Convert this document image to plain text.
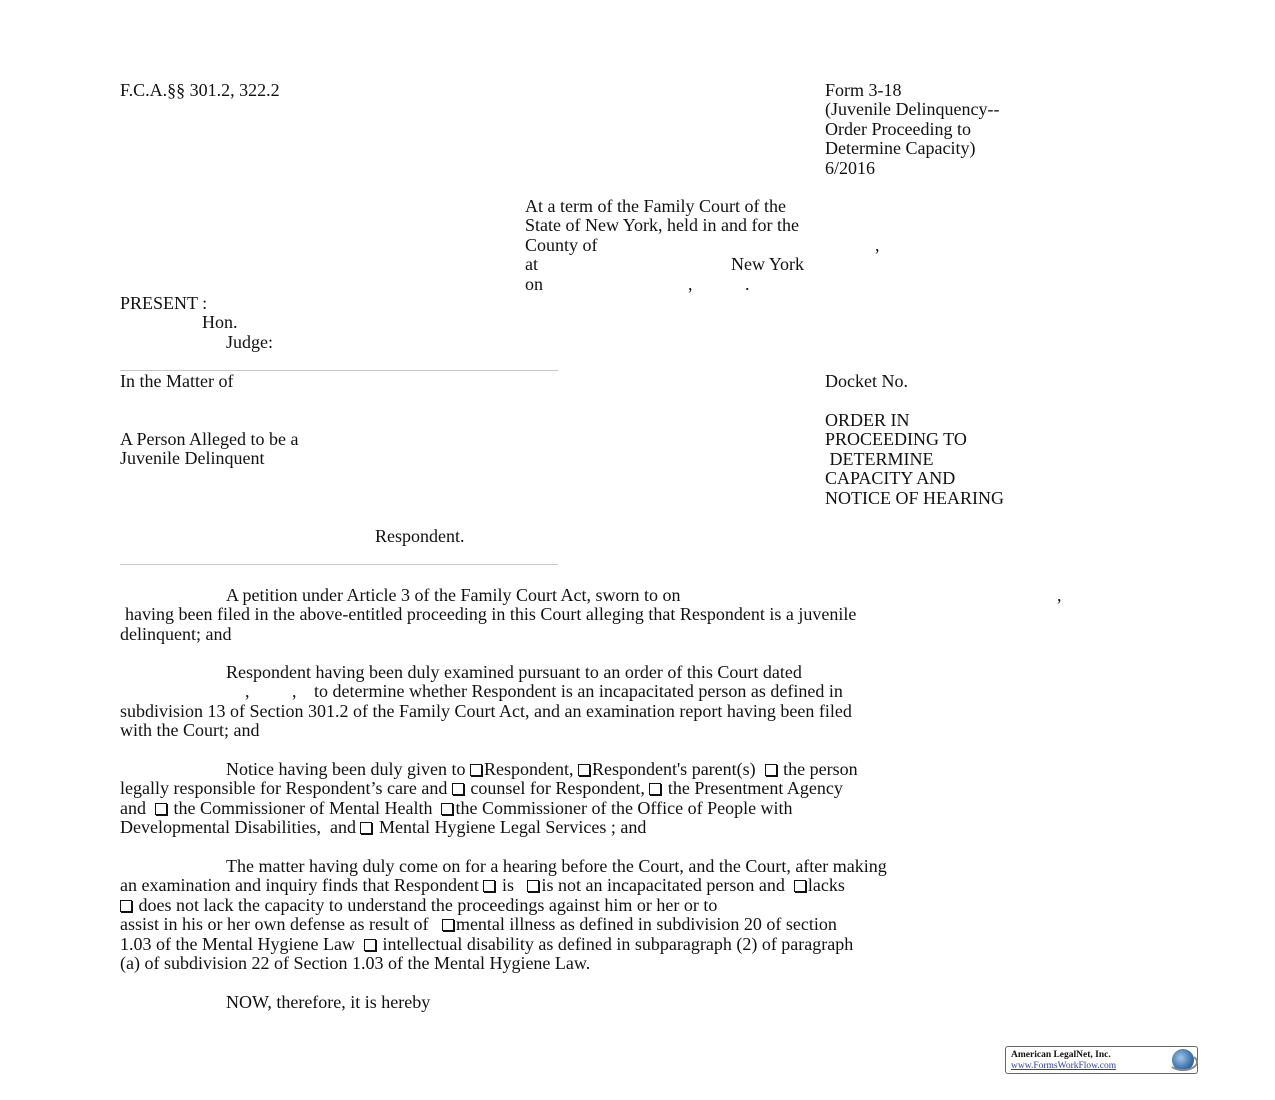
F.C.A.§§ 301.2, 322.2	Form 3-18
(Juvenile Delinquency--
Order Proceeding to
Determine Capacity)
6/2016
At a term of the Family Court of the
State of New York, held in and for the
County of	,
at	New York
on	,	.
PRESENT :
Hon.
Judge:
In the Matter of	Docket No.
A Person Alleged to be a
Juvenile Delinquent
ORDER IN
PROCEEDING TO
DETERMINE
CAPACITY AND
NOTICE OF HEARING
Respondent.
A petition under Article 3 of the Family Court Act, sworn to on	,
having been filed in the above-entitled proceeding in this Court alleging that Respondent is a juvenile
delinquent; and
Respondent having been duly examined pursuant to an order of this Court dated
, , to determine whether Respondent is an incapacitated person as defined in
subdivision 13 of Section 301.2 of the Family Court Act, and an examination report having been filed
with the Court; and
Notice having been duly given to Respondent, Respondent's parent(s) the person
legally responsible for Respondent’s care and counsel for Respondent, the Presentment Agency
and the Commissioner of Mental Health the Commissioner of the Office of People with
Developmental Disabilities,  and Mental Hygiene Legal Services ; and
The matter having duly come on for a hearing before the Court, and the Court, after making
an examination and inquiry finds that Respondent is is not an incapacitated person and lacks
does not lack the capacity to understand the proceedings against him or her or to
assist in his or her own defense as result of mental illness as defined in subdivision 20 of section
1.03 of the Mental Hygiene Law intellectual disability as defined in subparagraph (2) of paragraph
(a) of subdivision 22 of Section 1.03 of the Mental Hygiene Law.
NOW, therefore, it is hereby
American LegalNet, Inc.
www.FormsWorkFlow.com
